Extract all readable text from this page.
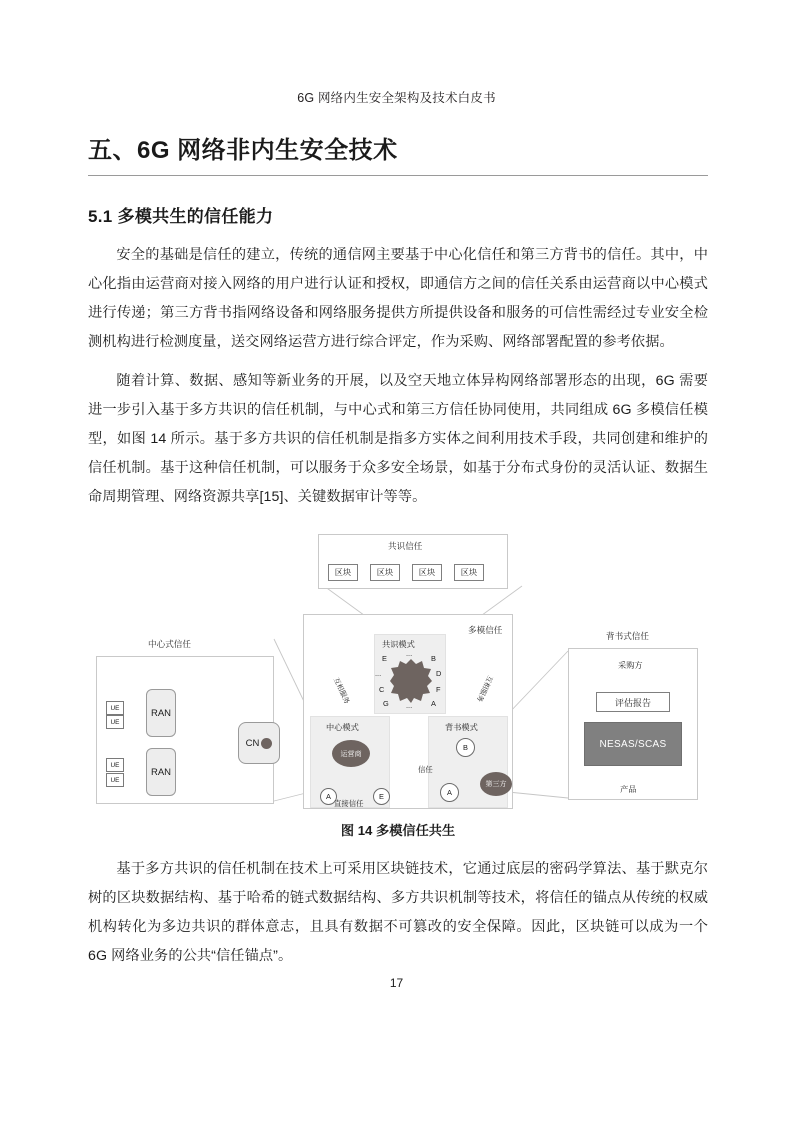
6G 网络内生安全架构及技术白皮书
五、6G 网络非内生安全技术
5.1 多模共生的信任能力

安全的基础是信任的建立，传统的通信网主要基于中心化信任和第三方背书的信任。其中，中心化指由运营商对接入网络的用户进行认证和授权，即通信方之间的信任关系由运营商以中心模式进行传递；第三方背书指网络设备和网络服务提供方所提供设备和服务的可信性需经过专业安全检测机构进行检测度量，送交网络运营方进行综合评定，作为采购、网络部署配置的参考依据。

随着计算、数据、感知等新业务的开展，以及空天地立体异构网络部署形态的出现，6G 需要进一步引入基于多方共识的信任机制，与中心式和第三方信任协同使用，共同组成 6G 多模信任模型，如图 14 所示。基于多方共识的信任机制是指多方实体之间利用技术手段，共同创建和维护的信任机制。基于这种信任机制，可以服务于众多安全场景，如基于分布式身份的灵活认证、数据生命周期管理、网络资源共享[15]、关键数据审计等等。

共识信任
区块	区块	区块	区块
多模信任
共识模式
...
E	B
...	D
C	F
G ...	A
互相服务	互相服务
中心模式
运营商
A	E
直接信任
背书模式
B
A
第三方
信任
中心式信任
UE
UE
UE
UE
RAN
RAN
CN
背书式信任
采购方
评估报告
NESAS/SCAS
产品
图 14 多模信任共生

基于多方共识的信任机制在技术上可采用区块链技术，它通过底层的密码学算法、基于默克尔树的区块数据结构、基于哈希的链式数据结构、多方共识机制等技术，将信任的锚点从传统的权威机构转化为多边共识的群体意志，且具有数据不可篡改的安全保障。因此，区块链可以成为一个 6G 网络业务的公共“信任锚点”。

17
